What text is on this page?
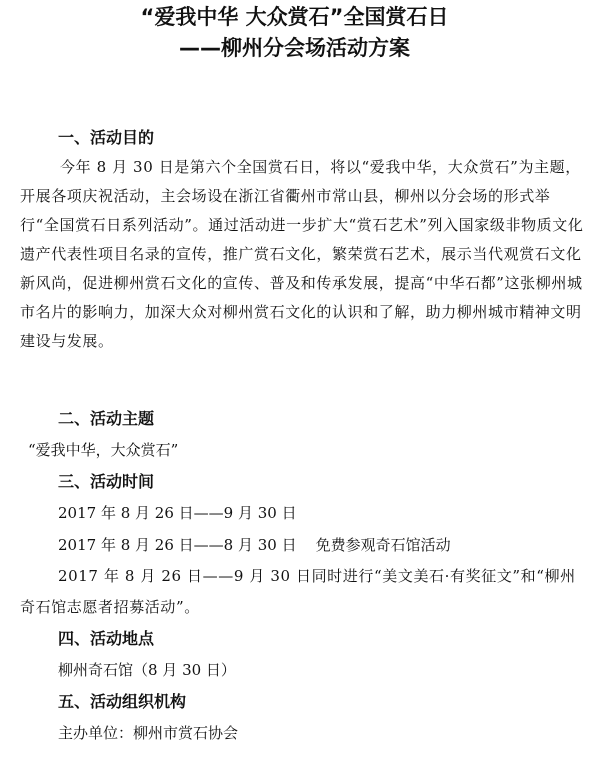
“爱我中华 大众赏石”全国赏石日
——柳州分会场活动方案
一、活动目的
今年 8 月 30 日是第六个全国赏石日，将以“爱我中华，大众赏石”为主题，开展各项庆祝活动，主会场设在浙江省衢州市常山县，柳州以分会场的形式举行“全国赏石日系列活动”。通过活动进一步扩大“赏石艺术”列入国家级非物质文化遗产代表性项目名录的宣传，推广赏石文化，繁荣赏石艺术，展示当代观赏石文化新风尚，促进柳州赏石文化的宣传、普及和传承发展，提高“中华石都”这张柳州城市名片的影响力，加深大众对柳州赏石文化的认识和了解，助力柳州城市精神文明建设与发展。
二、活动主题
“爱我中华，大众赏石”
三、活动时间
2017 年 8 月 26 日——9 月 30 日
2017 年 8 月 26 日——8 月 30 日    免费参观奇石馆活动
2017 年 8 月 26 日——9 月 30 日同时进行“美文美石·有奖征文”和“柳州奇石馆志愿者招募活动”。
四、活动地点
柳州奇石馆（8 月 30 日）
五、活动组织机构
主办单位：柳州市赏石协会
